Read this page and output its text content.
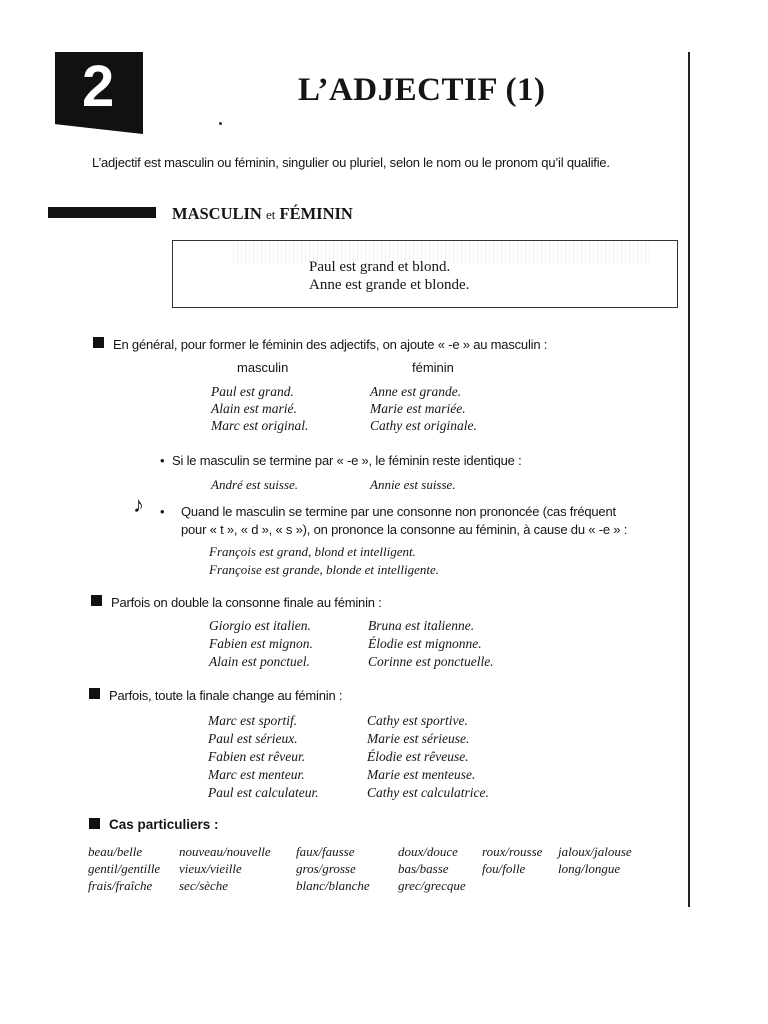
2	L’ADJECTIF (1)
L’adjectif est masculin ou féminin, singulier ou pluriel, selon le nom ou le pronom qu’il qualifie.
MASCULIN et FÉMININ
Paul est grand et blond.
Anne est grande et blonde.
En général, pour former le féminin des adjectifs, on ajoute « -e » au masculin :
masculin	féminin
Paul est grand.	Anne est grande.
Alain est marié.	Marie est mariée.
Marc est original.	Cathy est originale.
• Si le masculin se termine par « -e », le féminin reste identique :
André est suisse.	Annie est suisse.
♪ • Quand le masculin se termine par une consonne non prononcée (cas fréquent
pour « t », « d », « s »), on prononce la consonne au féminin, à cause du « -e » :
François est grand, blond et intelligent.
Françoise est grande, blonde et intelligente.
Parfois on double la consonne finale au féminin :
Giorgio est italien.	Bruna est italienne.
Fabien est mignon.	Élodie est mignonne.
Alain est ponctuel.	Corinne est ponctuelle.
Parfois, toute la finale change au féminin :
Marc est sportif.	Cathy est sportive.
Paul est sérieux.	Marie est sérieuse.
Fabien est rêveur.	Élodie est rêveuse.
Marc est menteur.	Marie est menteuse.
Paul est calculateur.	Cathy est calculatrice.
Cas particuliers :
beau/belle	nouveau/nouvelle faux/fausse	doux/douce roux/rousse jaloux/jalouse
gentil/gentille vieux/vieille	gros/grosse	bas/basse	fou/folle	long/longue
frais/fraîche sec/sèche	blanc/blanche grec/grecque
